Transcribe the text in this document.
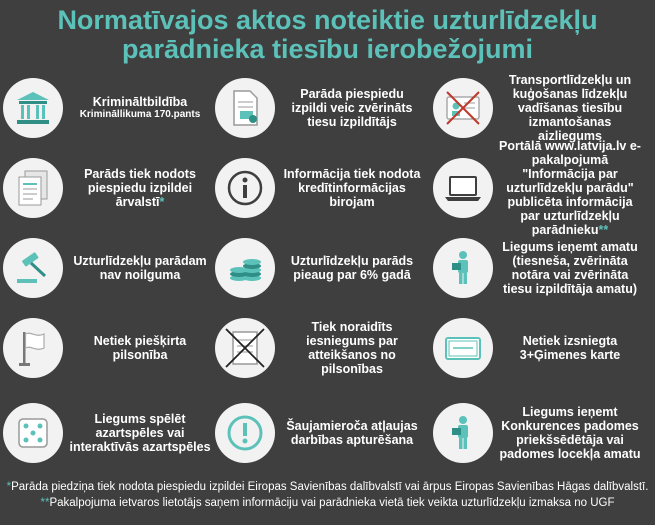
Normatīvajos aktos noteiktie uzturlīdzekļu
parādnieka tiesību ierobežojumi
Krimināltbildība
Krimināllikuma 170.pants
Parāda piespiedu izpildi veic zvērināts tiesu izpildītājs
Transportlīdzekļu un kuģošanas līdzekļu vadīšanas tiesību izmantošanas aizliegums
Parāds tiek nodots piespiedu izpildei ārvalstī*
Informācija tiek nodota kredītinformācijas birojam
Portālā www.latvija.lv e-pakalpojumā "Informācija par uzturlīdzekļu parādu" publicēta informācija par uzturlīdzekļu parādnieku**
Uzturlīdzekļu parādam nav noilguma
Uzturlīdzekļu parāds pieaug par 6% gadā
Liegums ieņemt amatu (tiesneša, zvērināta notāra vai zvērināta tiesu izpildītāja amatu)
Netiek piešķirta pilsonība
Tiek noraidīts iesniegums par atteikšanos no pilsonības
Netiek izsniegta 3+Ģimenes karte
Liegums spēlēt azartspēles vai interaktīvās azartspēles
Šaujamieroča atļaujas darbības apturēšana
Liegums ieņemt Konkurences padomes priekšsēdētāja vai padomes locekļa amatu
*Parāda piedziņa tiek nodota piespiedu izpildei Eiropas Savienības dalībvalstī vai ārpus Eiropas Savienības Hāgas dalībvalstī.
**Pakalpojuma ietvaros lietotājs saņem informāciju vai parādnieka vietā tiek veikta uzturlīdzekļu izmaksa no UGF
